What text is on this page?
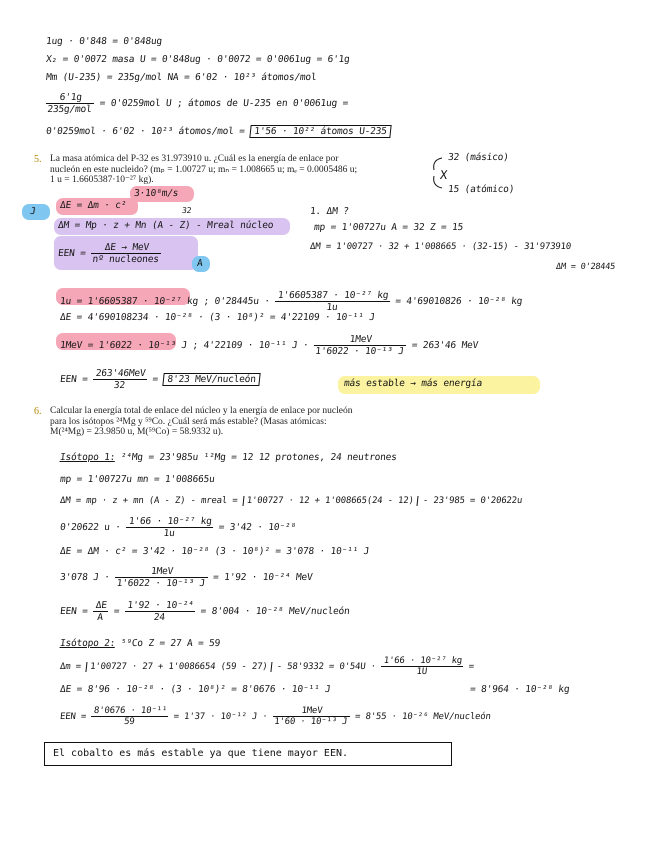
1ug · 0'848 = 0'848ug
X₂ = 0'0072 masa U = 0'848ug · 0'0072 = 0'0061ug = 6'1g
Mm (U-235) = 235g/mol NA = 6'02 · 10²³ átomos/mol
$\frac{6'1g}{\text{235g/mol}} = 0'0259mol$ U ; átomos de U-235 en 0'0061ug =
0'0259mol · 6'02 · 10²³ átomos/mol = 1'56 · 10²² átomos U-235
5. La masa atómica del P-32 es 31.973910 u. ¿Cuál es la energía de enlace por
nucleón en este nucleido? (mₚ = 1.00727 u; mₙ = 1.008665 u; mₑ = 0.0005486 u;
1 u = 1.6605387·10⁻²⁷ kg).
32 (másico)
X
15 (atómico)
3·10⁸m/s
J
ΔE = Δm · c²	32
ΔM = Mp · z + Mn (A - Z) - Mreal núcleo
EEN = $\frac{\text{ΔE → MeV}}{\text{nº nucleones}}$	A
1. ΔM ?
mp = 1'00727u A = 32 Z = 15
ΔM = 1'00727 · 32 + 1'008665 · (32-15) - 31'973910
ΔM = 0'28445
1u = 1'6605387 · 10⁻²⁷ kg ; $0'28445u \cdot \frac{\text{1'6605387 · 10⁻²⁷ kg}}{1u} = 4'69010826 \cdot 10^{-28}$ kg
ΔE = 4'690108234 · 10⁻²⁸ · (3 · 10⁸)² = 4'22109 · 10⁻¹¹ J
1MeV = 1'6022 · 10⁻¹³ J ; 4'22109 · 10⁻¹¹ $J \cdot \frac{\text{1MeV}}{\text{1'6022 · 10⁻¹³ J}} = 263'46$ MeV
EEN = $\frac{\text{263'46MeV}}{32} = 8'23$ MeV/nucleón	más estable → más energía
6. Calcular la energía total de enlace del núcleo y la energía de enlace por nucleón
para los isótopos ²⁴Mg y ⁵⁹Co. ¿Cuál será más estable? (Masas atómicas:
M(²⁴Mg) = 23.9850 u, M(⁵⁹Co) = 58.9332 u).
Isótopo 1: ²⁴Mg = 23'985u ¹²Mg = 12 12 protones, 24 neutrones
mp = 1'00727u mn = 1'008665u
ΔM = mp · z + mn (A - Z) - mreal = 1'00727 · 12 + 1'008665(24 - 12) - 23'985 = 0'20622u
0'20622 $u \cdot \frac{\text{1'66 · 10⁻²⁷ kg}}{1u} = 3'42 \cdot 10^{-28}$
ΔE = ΔM · c² = 3'42 · 10⁻²⁸ (3 · 10⁸)² = 3'078 · 10⁻¹¹ J
3'078 $J \cdot \frac{\text{1MeV}}{\text{1'6022 · 10⁻¹³ J}} = 1'92 \cdot 10^{-24}$ MeV
EEN = $\frac{\Delta E}{A} = \frac{\text{1'92 · 10⁻²⁴}}{24} = 8'004 \cdot 10^{-28}$ MeV/nucleón
Isótopo 2: ⁵⁹Co Z = 27 A = 59
Δm = 1'00727 · 27 + 1'0086654 $(59 - 27) - 58'9332 = 0'54U \cdot \frac{\text{1'66 · 10⁻²⁷ kg}}{1U}$ =
ΔE = 8'96 · 10⁻²⁸ · (3 · 10⁸)² = 8'0676 · 10⁻¹¹ J	= 8'964 · 10⁻²⁸ kg
EEN = $\frac{\text{8'0676 · 10⁻¹¹}}{59} = 1'37 \cdot 10^{-12}$ $J \cdot \frac{\text{1MeV}}{\text{1'60 · 10⁻¹³ J}} = 8'55 \cdot 10^{-26}$ MeV/nucleón
El cobalto es más estable ya que tiene mayor EEN.
